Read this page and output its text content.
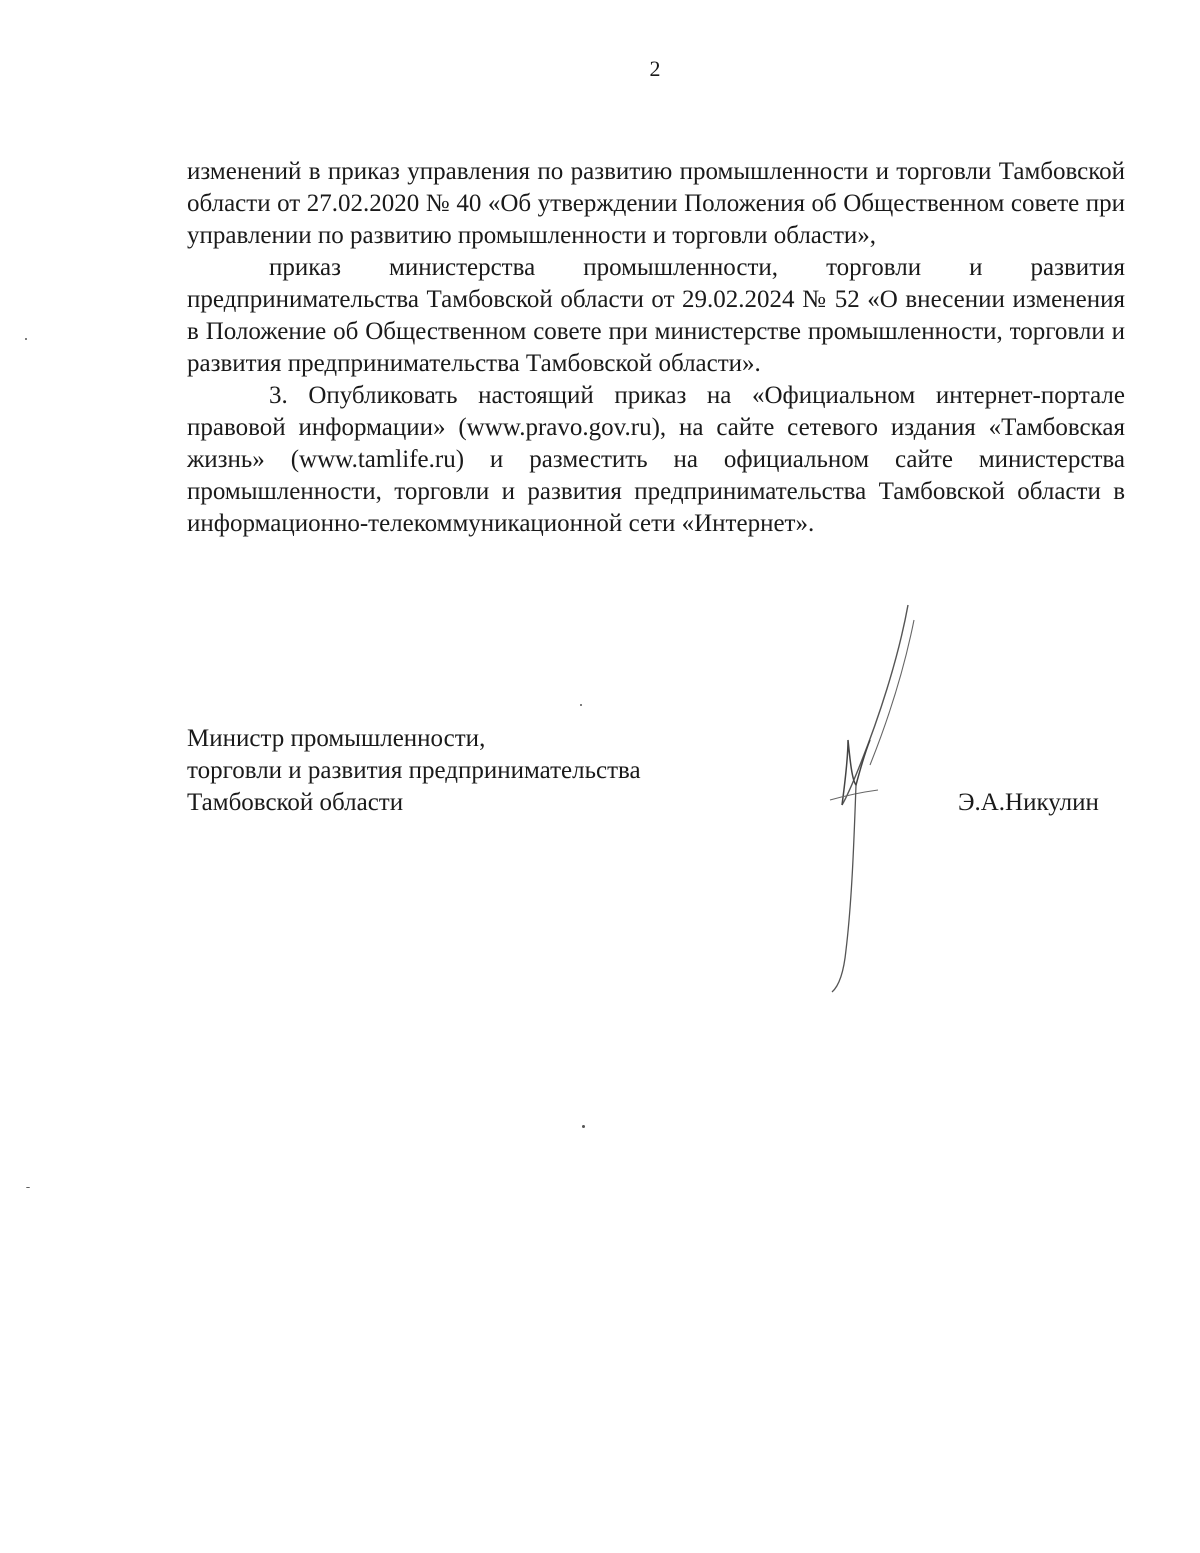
2

изменений в приказ управления по развитию промышленности и торговли Тамбовской области от 27.02.2020 № 40 «Об утверждении Положения об Общественном совете при управлении по развитию промышленности и торговли области»,

приказ министерства промышленности, торговли и развития предпринимательства Тамбовской области от 29.02.2024 № 52 «О внесении изменения в Положение об Общественном совете при министерстве промышленности, торговли и развития предпринимательства Тамбовской области».

3. Опубликовать настоящий приказ на «Официальном интернет-портале правовой информации» (www.pravo.gov.ru), на сайте сетевого издания «Тамбовская жизнь» (www.tamlife.ru) и разместить на официальном сайте министерства промышленности, торговли и развития предпринимательства Тамбовской области в информационно-телекоммуникационной сети «Интернет».

Министр промышленности,
торговли и развития предпринимательства
Тамбовской области	Э.А.Никулин
